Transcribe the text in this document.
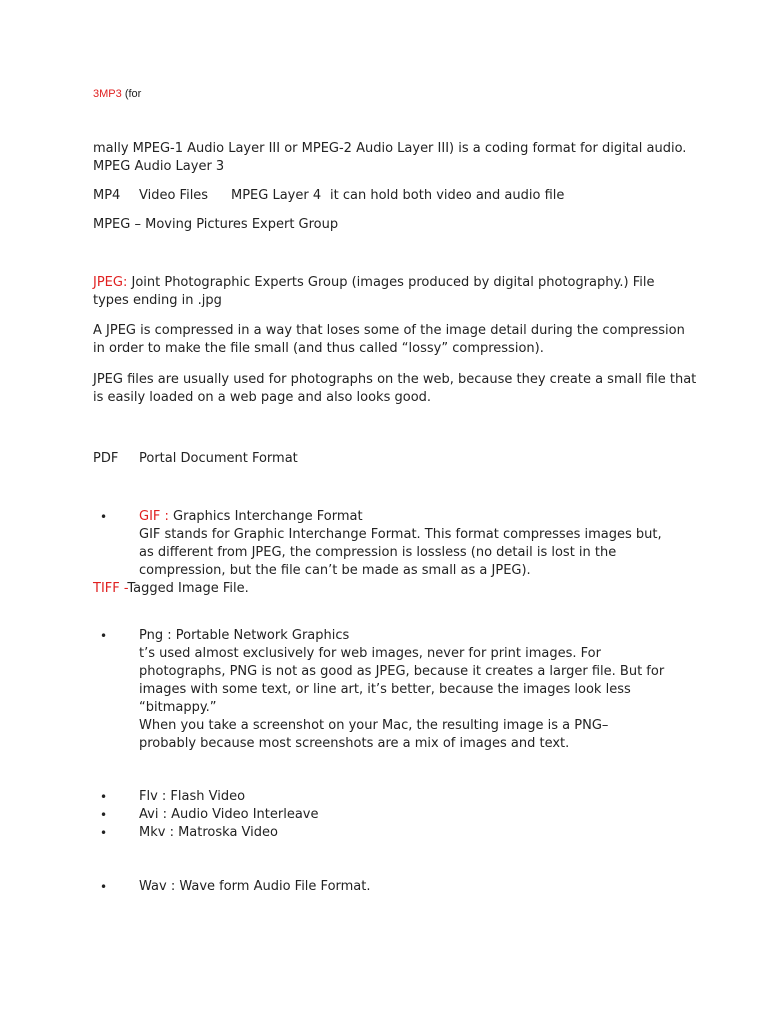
3MP3 (for

mally MPEG-1 Audio Layer III or MPEG-2 Audio Layer III) is a coding format for digital audio.

MPEG Audio Layer 3

MP4 Video Files MPEG Layer 4 it can hold both video and audio file

MPEG – Moving Pictures Expert Group

JPEG: Joint Photographic Experts Group (images produced by digital photography.) File

types ending in .jpg

A JPEG is compressed in a way that loses some of the image detail during the compression

in order to make the file small (and thus called “lossy” compression).

JPEG files are usually used for photographs on the web, because they create a small file that

is easily loaded on a web page and also looks good.

PDF Portal Document Format

• GIF : Graphics Interchange Format

GIF stands for Graphic Interchange Format. This format compresses images but,

as different from JPEG, the compression is lossless (no detail is lost in the

compression, but the file can’t be made as small as a JPEG).

TIFF -Tagged Image File.

• Png : Portable Network Graphics

t’s used almost exclusively for web images, never for print images. For

photographs, PNG is not as good as JPEG, because it creates a larger file. But for

images with some text, or line art, it’s better, because the images look less

“bitmappy.”

When you take a screenshot on your Mac, the resulting image is a PNG–

probably because most screenshots are a mix of images and text.

• Flv : Flash Video

• Avi : Audio Video Interleave

• Mkv : Matroska Video

• Wav : Wave form Audio File Format.
